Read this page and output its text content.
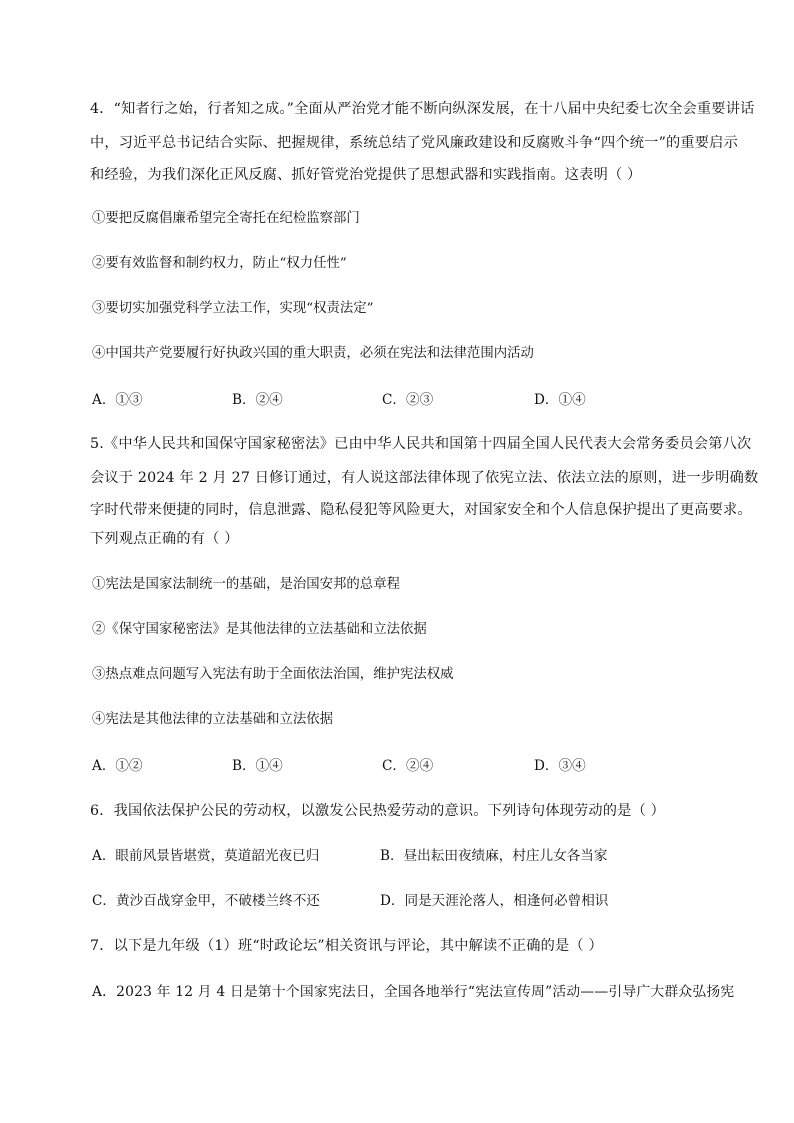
4．“知者行之始，行者知之成。”全面从严治党才能不断向纵深发展，在十八届中央纪委七次全会重要讲话
中，习近平总书记结合实际、把握规律，系统总结了党风廉政建设和反腐败斗争“四个统一”的重要启示
和经验，为我们深化正风反腐、抓好管党治党提供了思想武器和实践指南。这表明（ ）
①要把反腐倡廉希望完全寄托在纪检监察部门
②要有效监督和制约权力，防止“权力任性”
③要切实加强党科学立法工作，实现“权责法定”
④中国共产党要履行好执政兴国的重大职责，必须在宪法和法律范围内活动
A．①③	B．②④	C．②③	D．①④
5.《中华人民共和国保守国家秘密法》已由中华人民共和国第十四届全国人民代表大会常务委员会第八次
会议于 2024 年 2 月 27 日修订通过，有人说这部法律体现了依宪立法、依法立法的原则，进一步明确数
字时代带来便捷的同时，信息泄露、隐私侵犯等风险更大，对国家安全和个人信息保护提出了更高要求。
下列观点正确的有（ ）
①宪法是国家法制统一的基础，是治国安邦的总章程
②《保守国家秘密法》是其他法律的立法基础和立法依据
③热点难点问题写入宪法有助于全面依法治国，维护宪法权威
④宪法是其他法律的立法基础和立法依据
A．①②	B．①④	C．②④	D．③④
6．我国依法保护公民的劳动权，以激发公民热爱劳动的意识。下列诗句体现劳动的是（ ）
A．眼前风景皆堪赏，莫道韶光夜已归	B．昼出耘田夜绩麻，村庄儿女各当家
C．黄沙百战穿金甲，不破楼兰终不还	D．同是天涯沦落人，相逢何必曾相识
7．以下是九年级（1）班“时政论坛”相关资讯与评论，其中解读不正确的是（ ）
A．2023 年 12 月 4 日是第十个国家宪法日，全国各地举行“宪法宣传周”活动——引导广大群众弘扬宪
